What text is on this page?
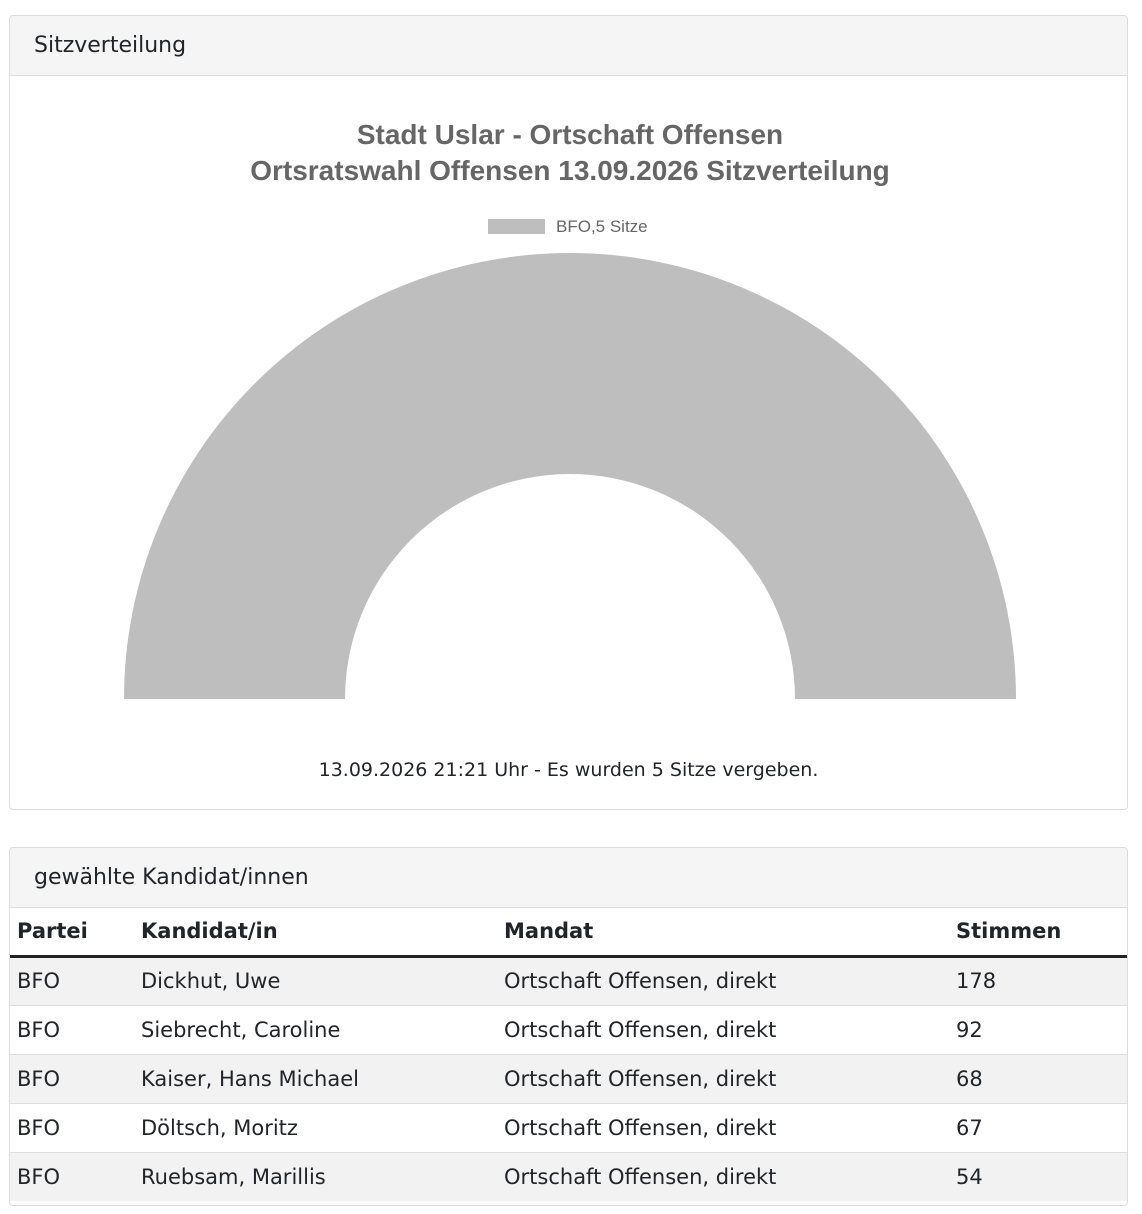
Sitzverteilung
Stadt Uslar - Ortschaft Offensen
Ortsratswahl Offensen 13.09.2026 Sitzverteilung
BFO,5 Sitze
13.09.2026 21:21 Uhr - Es wurden 5 Sitze vergeben.
gewählte Kandidat/innen
Partei	Kandidat/in	Mandat	Stimmen
BFO	Dickhut, Uwe	Ortschaft Offensen, direkt	178
BFO	Siebrecht, Caroline	Ortschaft Offensen, direkt	92
BFO	Kaiser, Hans Michael	Ortschaft Offensen, direkt	68
BFO	Döltsch, Moritz	Ortschaft Offensen, direkt	67
BFO	Ruebsam, Marillis	Ortschaft Offensen, direkt	54
